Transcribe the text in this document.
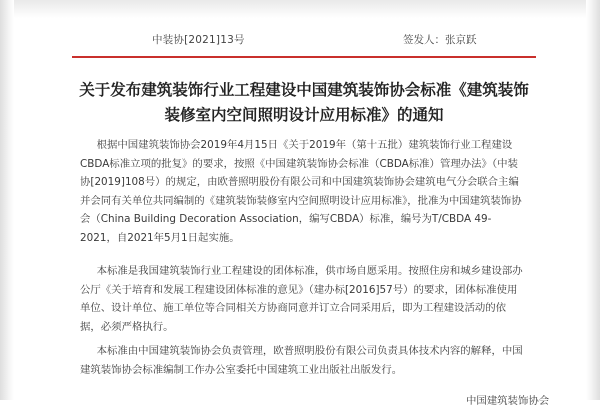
中装协[2021]13号	签发人：张京跃
关于发布建筑装饰行业工程建设中国建筑装饰协会标准《建筑装饰装修室内空间照明设计应用标准》的通知

根据中国建筑装饰协会2019年4月15日《关于2019年（第十五批）建筑装饰行业工程建设CBDA标准立项的批复》的要求，按照《中国建筑装饰协会标准（CBDA标准）管理办法》（中装协[2019]108号）的规定，由欧普照明股份有限公司和中国建筑装饰协会建筑电气分会联合主编并会同有关单位共同编制的《建筑装饰装修室内空间照明设计应用标准》，批准为中国建筑装饰协会（China Building Decoration Association，编写CBDA）标准，编号为T/CBDA 49-2021，自2021年5月1日起实施。

本标准是我国建筑装饰行业工程建设的团体标准，供市场自愿采用。按照住房和城乡建设部办公厅《关于培育和发展工程建设团体标准的意见》（建办标[2016]57号）的要求，团体标准使用单位、设计单位、施工单位等合同相关方协商同意并订立合同采用后，即为工程建设活动的依据，必须严格执行。

本标准由中国建筑装饰协会负责管理，欧普照明股份有限公司负责具体技术内容的解释，中国建筑装饰协会标准编制工作办公室委托中国建筑工业出版社出版发行。

中国建筑装饰协会
